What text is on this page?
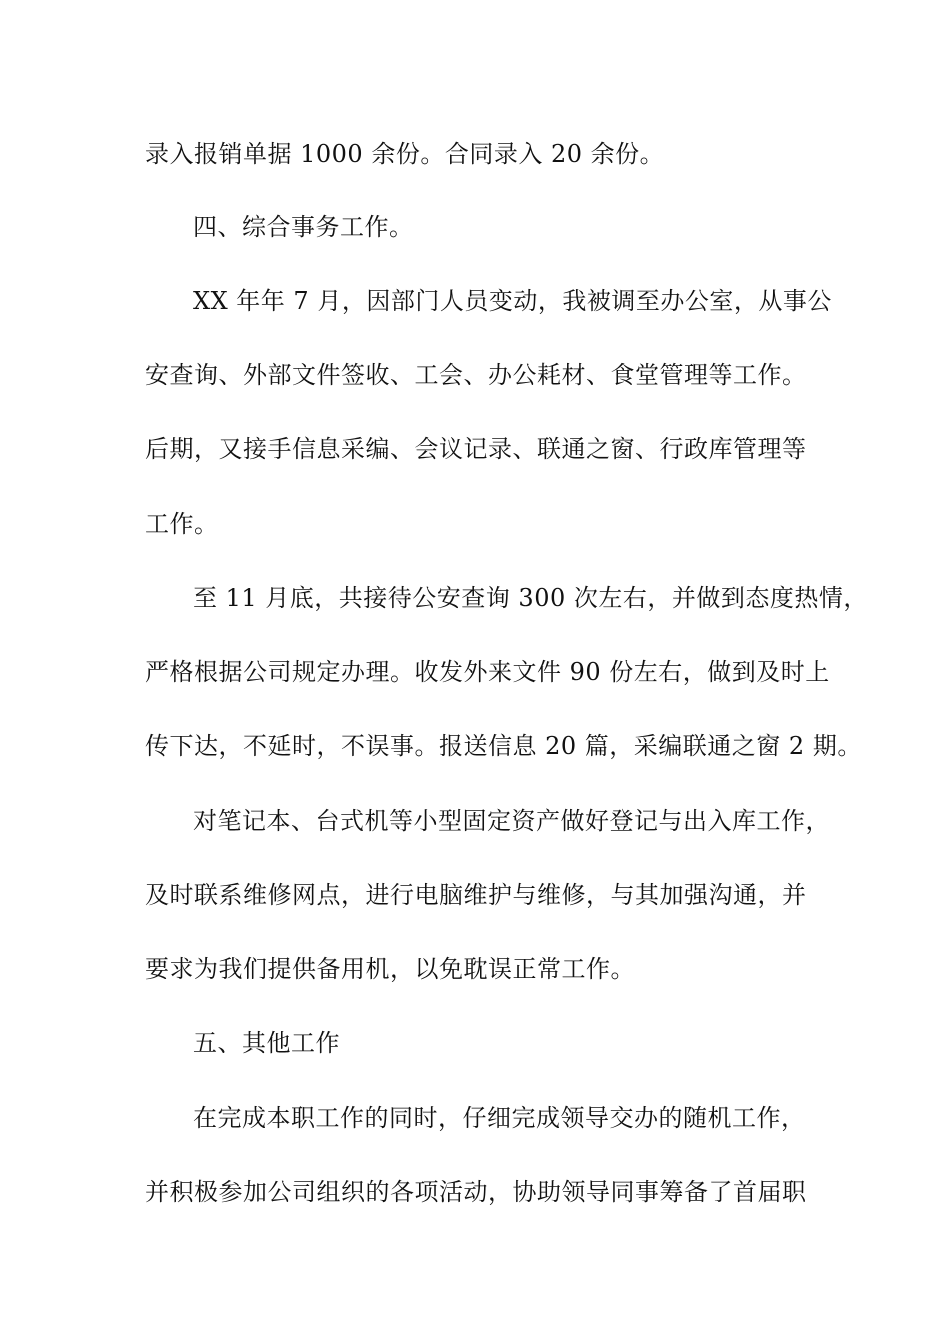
录入报销单据 1000 余份。合同录入 20 余份。
四、综合事务工作。
XX 年年 7 月，因部门人员变动，我被调至办公室，从事公
安查询、外部文件签收、工会、办公耗材、食堂管理等工作。
后期，又接手信息采编、会议记录、联通之窗、行政库管理等
工作。
至 11 月底，共接待公安查询 300 次左右，并做到态度热情，
严格根据公司规定办理。收发外来文件 90 份左右，做到及时上
传下达，不延时，不误事。报送信息 20 篇，采编联通之窗 2 期。
对笔记本、台式机等小型固定资产做好登记与出入库工作，
及时联系维修网点，进行电脑维护与维修，与其加强沟通，并
要求为我们提供备用机，以免耽误正常工作。
五、其他工作
在完成本职工作的同时，仔细完成领导交办的随机工作，
并积极参加公司组织的各项活动，协助领导同事筹备了首届职
